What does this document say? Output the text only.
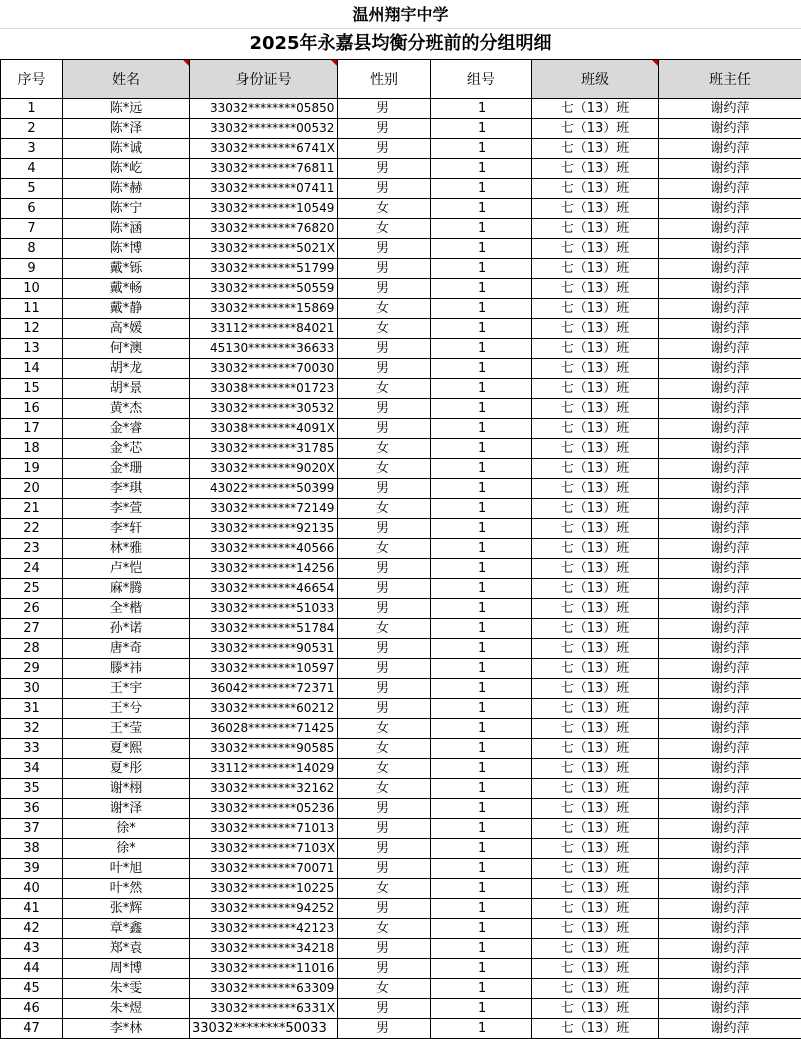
温州翔宇中学
2025年永嘉县均衡分班前的分组明细
序号	姓名	身份证号	性别	组号	班级	班主任
1	陈*远	33032********05850	男	1	七（13）班	谢约萍
2	陈*泽	33032********00532	男	1	七（13）班	谢约萍
3	陈*诚	33032********6741X	男	1	七（13）班	谢约萍
4	陈*屹	33032********76811	男	1	七（13）班	谢约萍
5	陈*赫	33032********07411	男	1	七（13）班	谢约萍
6	陈*宁	33032********10549	女	1	七（13）班	谢约萍
7	陈*涵	33032********76820	女	1	七（13）班	谢约萍
8	陈*博	33032********5021X	男	1	七（13）班	谢约萍
9	戴*铄	33032********51799	男	1	七（13）班	谢约萍
10	戴*畅	33032********50559	男	1	七（13）班	谢约萍
11	戴*静	33032********15869	女	1	七（13）班	谢约萍
12	高*媛	33112********84021	女	1	七（13）班	谢约萍
13	何*澳	45130********36633	男	1	七（13）班	谢约萍
14	胡*龙	33032********70030	男	1	七（13）班	谢约萍
15	胡*景	33038********01723	女	1	七（13）班	谢约萍
16	黄*杰	33032********30532	男	1	七（13）班	谢约萍
17	金*睿	33038********4091X	男	1	七（13）班	谢约萍
18	金*芯	33032********31785	女	1	七（13）班	谢约萍
19	金*珊	33032********9020X	女	1	七（13）班	谢约萍
20	李*琪	43022********50399	男	1	七（13）班	谢约萍
21	李*萱	33032********72149	女	1	七（13）班	谢约萍
22	李*轩	33032********92135	男	1	七（13）班	谢约萍
23	林*雅	33032********40566	女	1	七（13）班	谢约萍
24	卢*恺	33032********14256	男	1	七（13）班	谢约萍
25	麻*腾	33032********46654	男	1	七（13）班	谢约萍
26	全*楷	33032********51033	男	1	七（13）班	谢约萍
27	孙*诺	33032********51784	女	1	七（13）班	谢约萍
28	唐*奇	33032********90531	男	1	七（13）班	谢约萍
29	滕*祎	33032********10597	男	1	七（13）班	谢约萍
30	王*宇	36042********72371	男	1	七（13）班	谢约萍
31	王*兮	33032********60212	男	1	七（13）班	谢约萍
32	王*莹	36028********71425	女	1	七（13）班	谢约萍
33	夏*熙	33032********90585	女	1	七（13）班	谢约萍
34	夏*彤	33112********14029	女	1	七（13）班	谢约萍
35	谢*栩	33032********32162	女	1	七（13）班	谢约萍
36	谢*泽	33032********05236	男	1	七（13）班	谢约萍
37	徐*	33032********71013	男	1	七（13）班	谢约萍
38	徐*	33032********7103X	男	1	七（13）班	谢约萍
39	叶*旭	33032********70071	男	1	七（13）班	谢约萍
40	叶*然	33032********10225	女	1	七（13）班	谢约萍
41	张*辉	33032********94252	男	1	七（13）班	谢约萍
42	章*鑫	33032********42123	女	1	七（13）班	谢约萍
43	郑*袁	33032********34218	男	1	七（13）班	谢约萍
44	周*博	33032********11016	男	1	七（13）班	谢约萍
45	朱*雯	33032********63309	女	1	七（13）班	谢约萍
46	朱*煜	33032********6331X	男	1	七（13）班	谢约萍
47	李*林	33032********50033	男	1	七（13）班	谢约萍
